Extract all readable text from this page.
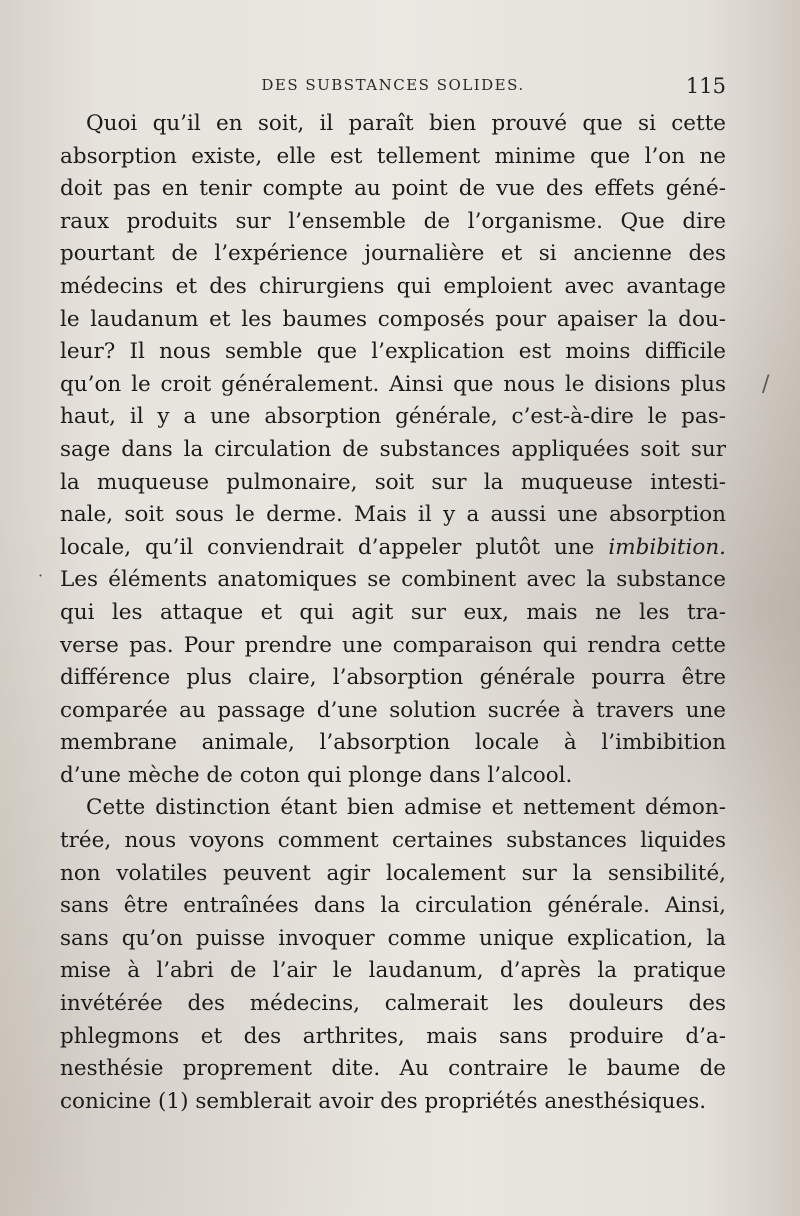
DES SUBSTANCES SOLIDES.	115
Quoi qu’il en soit, il paraît bien prouvé que si cette
absorption existe, elle est tellement minime que l’on ne
doit pas en tenir compte au point de vue des effets géné-
raux produits sur l’ensemble de l’organisme. Que dire
pourtant de l’expérience journalière et si ancienne des
médecins et des chirurgiens qui emploient avec avantage
le laudanum et les baumes composés pour apaiser la dou-
leur? Il nous semble que l’explication est moins difficile
qu’on le croit généralement. Ainsi que nous le disions plus
haut, il y a une absorption générale, c’est-à-dire le pas-
sage dans la circulation de substances appliquées soit sur
la muqueuse pulmonaire, soit sur la muqueuse intesti-
nale, soit sous le derme. Mais il y a aussi une absorption
locale, qu’il conviendrait d’appeler plutôt une imbibition.
Les éléments anatomiques se combinent avec la substance
qui les attaque et qui agit sur eux, mais ne les tra-
verse pas. Pour prendre une comparaison qui rendra cette
différence plus claire, l’absorption générale pourra être
comparée au passage d’une solution sucrée à travers une
membrane animale, l’absorption locale à l’imbibition
d’une mèche de coton qui plonge dans l’alcool.
Cette distinction étant bien admise et nettement démon-
trée, nous voyons comment certaines substances liquides
non volatiles peuvent agir localement sur la sensibilité,
sans être entraînées dans la circulation générale. Ainsi,
sans qu’on puisse invoquer comme unique explication, la
mise à l’abri de l’air le laudanum, d’après la pratique
invétérée des médecins, calmerait les douleurs des
phlegmons et des arthrites, mais sans produire d’a-
nesthésie proprement dite. Au contraire le baume de
conicine (1) semblerait avoir des propriétés anesthésiques.
/
·
